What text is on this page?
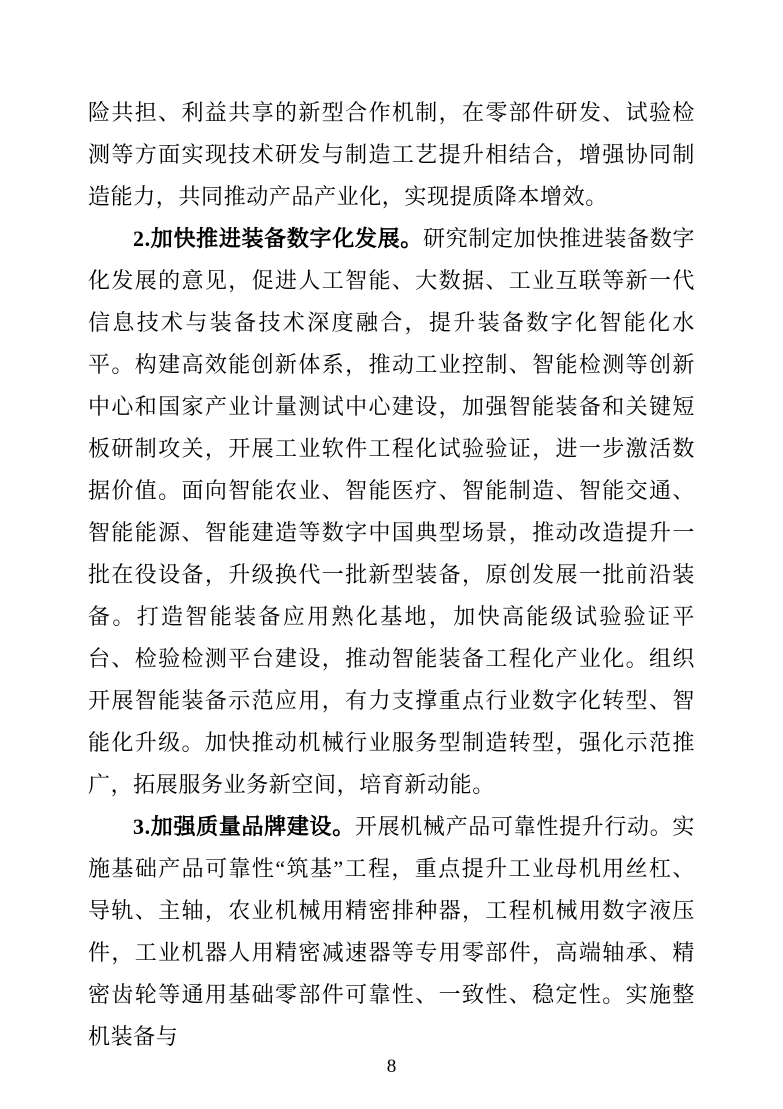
险共担、利益共享的新型合作机制，在零部件研发、试验检测等方面实现技术研发与制造工艺提升相结合，增强协同制造能力，共同推动产品产业化，实现提质降本增效。

2.加快推进装备数字化发展。研究制定加快推进装备数字化发展的意见，促进人工智能、大数据、工业互联等新一代信息技术与装备技术深度融合，提升装备数字化智能化水平。构建高效能创新体系，推动工业控制、智能检测等创新中心和国家产业计量测试中心建设，加强智能装备和关键短板研制攻关，开展工业软件工程化试验验证，进一步激活数据价值。面向智能农业、智能医疗、智能制造、智能交通、智能能源、智能建造等数字中国典型场景，推动改造提升一批在役设备，升级换代一批新型装备，原创发展一批前沿装备。打造智能装备应用熟化基地，加快高能级试验验证平台、检验检测平台建设，推动智能装备工程化产业化。组织开展智能装备示范应用，有力支撑重点行业数字化转型、智能化升级。加快推动机械行业服务型制造转型，强化示范推广，拓展服务业务新空间，培育新动能。

3.加强质量品牌建设。开展机械产品可靠性提升行动。实施基础产品可靠性“筑基”工程，重点提升工业母机用丝杠、导轨、主轴，农业机械用精密排种器，工程机械用数字液压件，工业机器人用精密减速器等专用零部件，高端轴承、精密齿轮等通用基础零部件可靠性、一致性、稳定性。实施整机装备与

8
